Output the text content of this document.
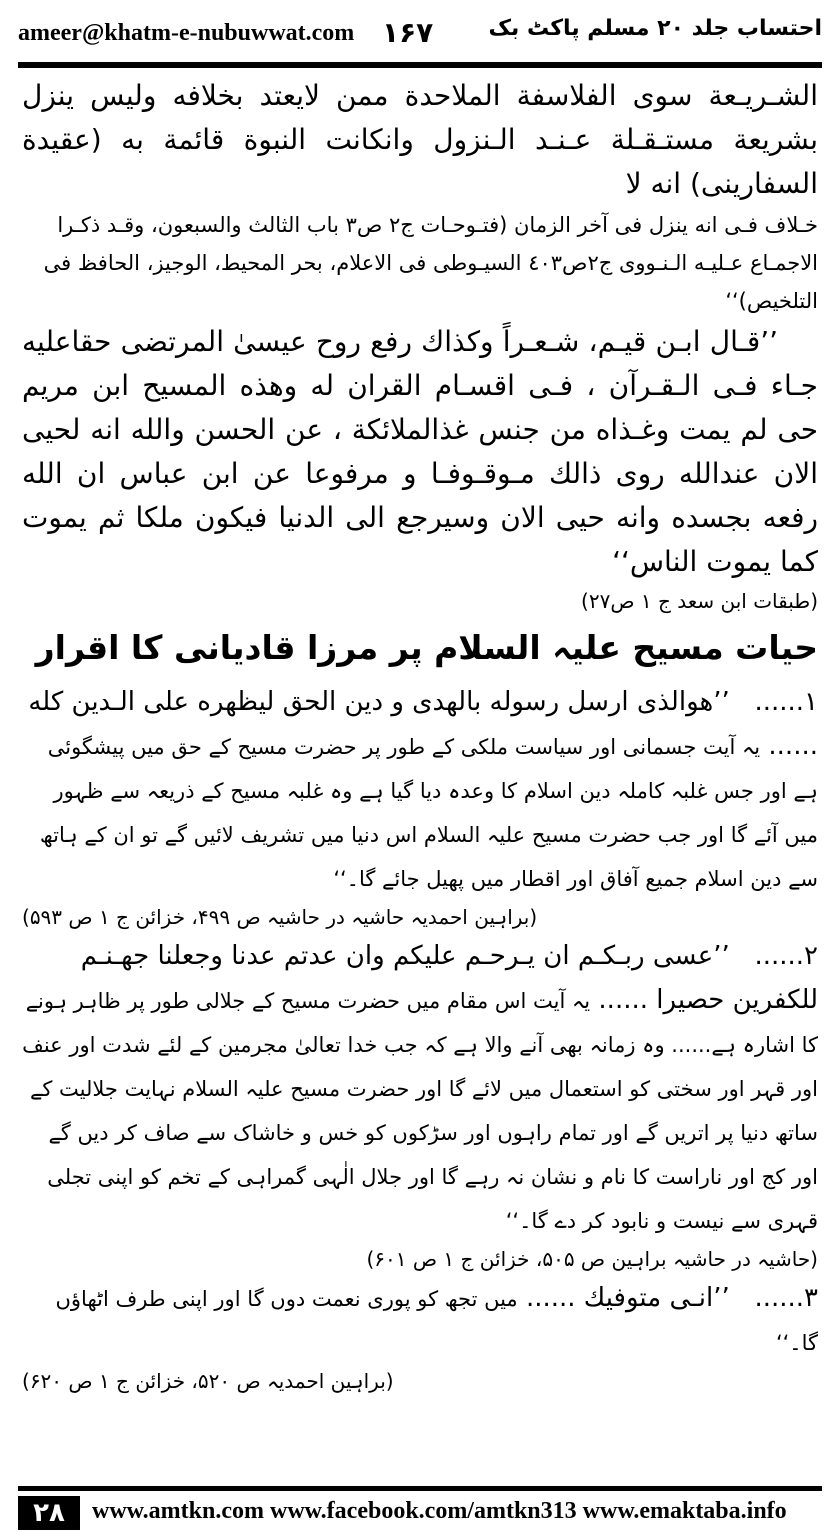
ameer@khatm-e-nubuwwat.com ۱۶۷	احتساب جلد ۲۰ مسلم پاکٹ بک

الشـريـعة سوى الفلاسفة الملاحدة ممن لايعتد بخلافه وليس ينزل بشريعة مستـقـلة عـنـد الـنزول وانكانت النبوة قائمة به (عقيدة السفارينى) انه لا

خـلاف فـى انه ينزل فى آخر الزمان (فتـوحـات ج٢ ص٣ باب الثالث والسبعون، وقـد ذكـرا الاجمـاع عـليـه الـنـووى ج٢ص٤٠٣ السيـوطى فى الاعلام، بحر المحيط، الوجيز، الحافظ فى التلخيص)‘‘

’’قـال ابـن قيـم، شـعـراً وكذاك رفع روح عيسىٰ المرتضى حقاعليه جـاء فـى الـقـرآن ، فـى اقسـام القران له وهذه المسيح ابن مريم حى لم يمت وغـذاه من جنس غذالملائكة ، عن الحسن والله انه لحيى الان عندالله روى ذالك مـوقـوفـا و مرفوعا عن ابن عباس ان الله رفعه بجسده وانه حيى الان وسيرجع الى الدنيا فيكون ملكا ثم يموت كما يموت الناس‘‘

(طبقات ابن سعد ج ١ ص٢٧)

حیات مسیح علیہ السلام پر مرزا قادیانی کا اقرار

١...... ’’هوالذى ارسل رسوله بالهدى و دين الحق ليظهره على الـدين كله ...... یہ آیت جسمانی اور سیاست ملکی کے طور پر حضرت مسیح کے حق میں پیشگوئی ہے اور جس غلبہ کاملہ دین اسلام کا وعدہ دیا گیا ہے وہ غلبہ مسیح کے ذریعہ سے ظہور میں آئے گا اور جب حضرت مسیح علیہ السلام اس دنیا میں تشریف لائیں گے تو ان کے ہاتھ سے دین اسلام جمیع آفاق اور اقطار میں پھیل جائے گا۔‘‘

(براہین احمدیہ حاشیہ در حاشیہ ص ۴۹۹، خزائن ج ۱ ص ۵۹۳)

٢...... ’’عسى ربـكـم ان يـرحـم عليكم وان عدتم عدنا وجعلنا جهـنـم للكفرين حصيرا ...... یہ آیت اس مقام میں حضرت مسیح کے جلالی طور پر ظاہر ہونے کا اشارہ ہے...... وہ زمانہ بھی آنے والا ہے کہ جب خدا تعالیٰ مجرمین کے لئے شدت اور عنف اور قہر اور سختی کو استعمال میں لائے گا اور حضرت مسیح علیہ السلام نہایت جلالیت کے ساتھ دنیا پر اتریں گے اور تمام راہوں اور سڑکوں کو خس و خاشاک سے صاف کر دیں گے اور کج اور ناراست کا نام و نشان نہ رہے گا اور جلال الٰہی گمراہی کے تخم کو اپنی تجلی قہری سے نیست و نابود کر دے گا۔‘‘

(حاشیہ در حاشیہ براہین ص ۵۰۵، خزائن ج ۱ ص ۶۰۱)

٣...... ’’انـى متوفيك ...... میں تجھ کو پوری نعمت دوں گا اور اپنی طرف اٹھاؤں گا۔‘‘

(براہین احمدیہ ص ۵۲۰، خزائن ج ۱ ص ۶۲۰)

۲۸	www.amtkn.com www.facebook.com/amtkn313 www.emaktaba.info
